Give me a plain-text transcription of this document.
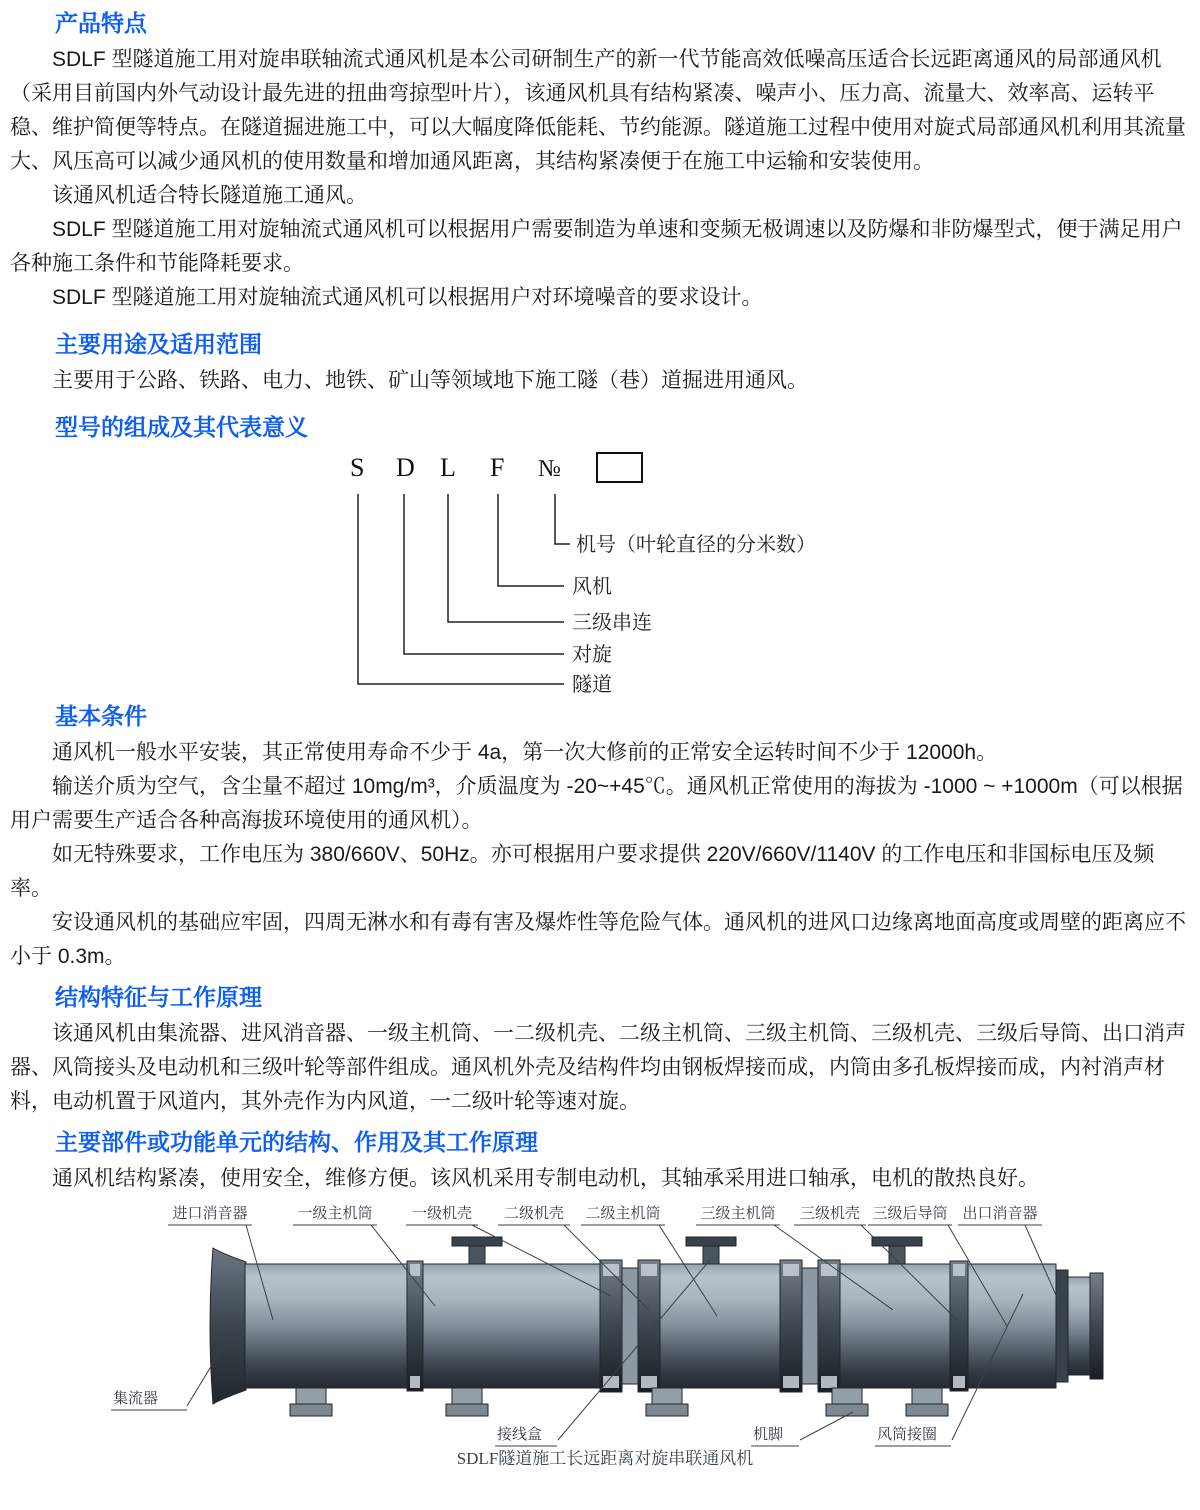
产品特点

SDLF 型隧道施工用对旋串联轴流式通风机是本公司研制生产的新一代节能高效低噪高压适合长远距离通风的局部通风机（采用目前国内外气动设计最先进的扭曲弯掠型叶片），该通风机具有结构紧凑、噪声小、压力高、流量大、效率高、运转平稳、维护简便等特点。在隧道掘进施工中，可以大幅度降低能耗、节约能源。隧道施工过程中使用对旋式局部通风机利用其流量大、风压高可以减少通风机的使用数量和增加通风距离，其结构紧凑便于在施工中运输和安装使用。

该通风机适合特长隧道施工通风。

SDLF 型隧道施工用对旋轴流式通风机可以根据用户需要制造为单速和变频无极调速以及防爆和非防爆型式，便于满足用户各种施工条件和节能降耗要求。

SDLF 型隧道施工用对旋轴流式通风机可以根据用户对环境噪音的要求设计。

主要用途及适用范围

主要用于公路、铁路、电力、地铁、矿山等领域地下施工隧（巷）道掘进用通风。

型号的组成及其代表意义
S D L F №
机号（叶轮直径的分米数）
风机
三级串连
对旋
隧道
基本条件

通风机一般水平安装，其正常使用寿命不少于 4a，第一次大修前的正常安全运转时间不少于 12000h。

输送介质为空气，含尘量不超过 10mg/m³，介质温度为 -20~+45℃。通风机正常使用的海拔为 -1000 ~ +1000m（可以根据用户需要生产适合各种高海拔环境使用的通风机）。

如无特殊要求，工作电压为 380/660V、50Hz。亦可根据用户要求提供 220V/660V/1140V 的工作电压和非国标电压及频率。

安设通风机的基础应牢固，四周无淋水和有毒有害及爆炸性等危险气体。通风机的进风口边缘离地面高度或周壁的距离应不小于 0.3m。

结构特征与工作原理

该通风机由集流器、进风消音器、一级主机筒、一二级机壳、二级主机筒、三级主机筒、三级机壳、三级后导筒、出口消声器、风筒接头及电动机和三级叶轮等部件组成。通风机外壳及结构件均由钢板焊接而成，内筒由多孔板焊接而成，内衬消声材料，电动机置于风道内，其外壳作为内风道，一二级叶轮等速对旋。

主要部件或功能单元的结构、作用及其工作原理

通风机结构紧凑，使用安全，维修方便。该风机采用专制电动机，其轴承采用进口轴承，电机的散热良好。

进口消音器	一级主机筒	一级机壳 二级机壳 二级主机筒	三级主机筒 三级机壳 三级后导筒 出口消音器
集流器
接线盒	机脚	风筒接圈
SDLF隧道施工长远距离对旋串联通风机
